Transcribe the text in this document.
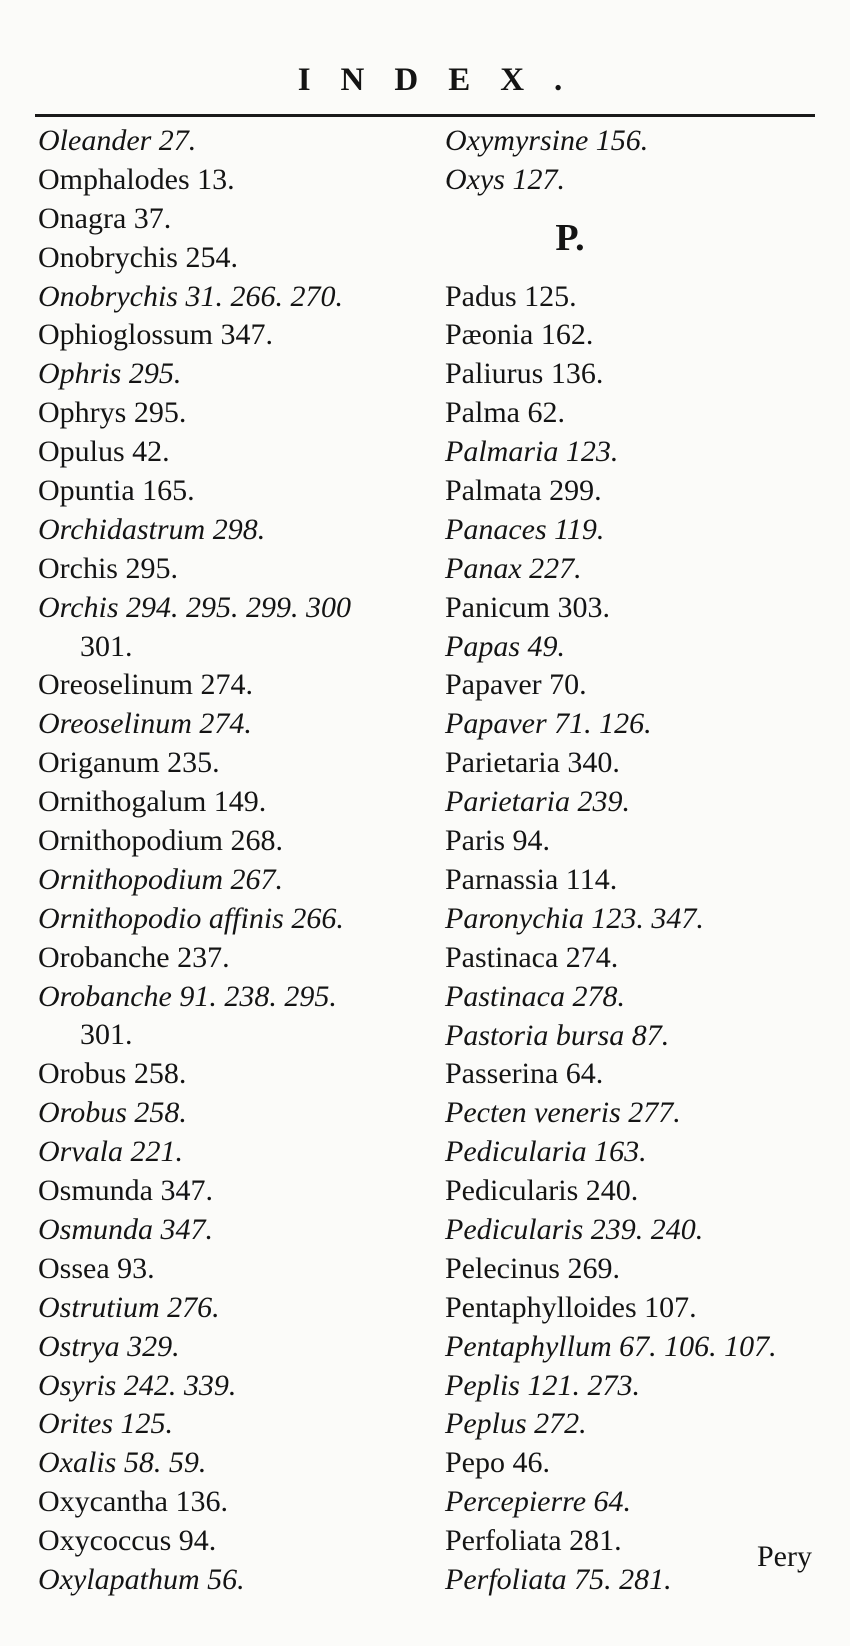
INDEX.
Oleander 27.
Omphalodes 13.
Onagra 37.
Onobrychis 254.
Onobrychis 31. 266. 270.
Ophioglossum 347.
Ophris 295.
Ophrys 295.
Opulus 42.
Opuntia 165.
Orchidastrum 298.
Orchis 295.
Orchis 294. 295. 299. 300
301.
Oreoselinum 274.
Oreoselinum 274.
Origanum 235.
Ornithogalum 149.
Ornithopodium 268.
Ornithopodium 267.
Ornithopodio affinis 266.
Orobanche 237.
Orobanche 91. 238. 295.
301.
Orobus 258.
Orobus 258.
Orvala 221.
Osmunda 347.
Osmunda 347.
Ossea 93.
Ostrutium 276.
Ostrya 329.
Osyris 242. 339.
Orites 125.
Oxalis 58. 59.
Oxycantha 136.
Oxycoccus 94.
Oxylapathum 56.
Oxymyrsine 156.
Oxys 127.
P.
Padus 125.
Pæonia 162.
Paliurus 136.
Palma 62.
Palmaria 123.
Palmata 299.
Panaces 119.
Panax 227.
Panicum 303.
Papas 49.
Papaver 70.
Papaver 71. 126.
Parietaria 340.
Parietaria 239.
Paris 94.
Parnassia 114.
Paronychia 123. 347.
Pastinaca 274.
Pastinaca 278.
Pastoria bursa 87.
Passerina 64.
Pecten veneris 277.
Pedicularia 163.
Pedicularis 240.
Pedicularis 239. 240.
Pelecinus 269.
Pentaphylloides 107.
Pentaphyllum 67. 106. 107.
Peplis 121. 273.
Peplus 272.
Pepo 46.
Percepierre 64.
Perfoliata 281.
Perfoliata 75. 281.
Pery
